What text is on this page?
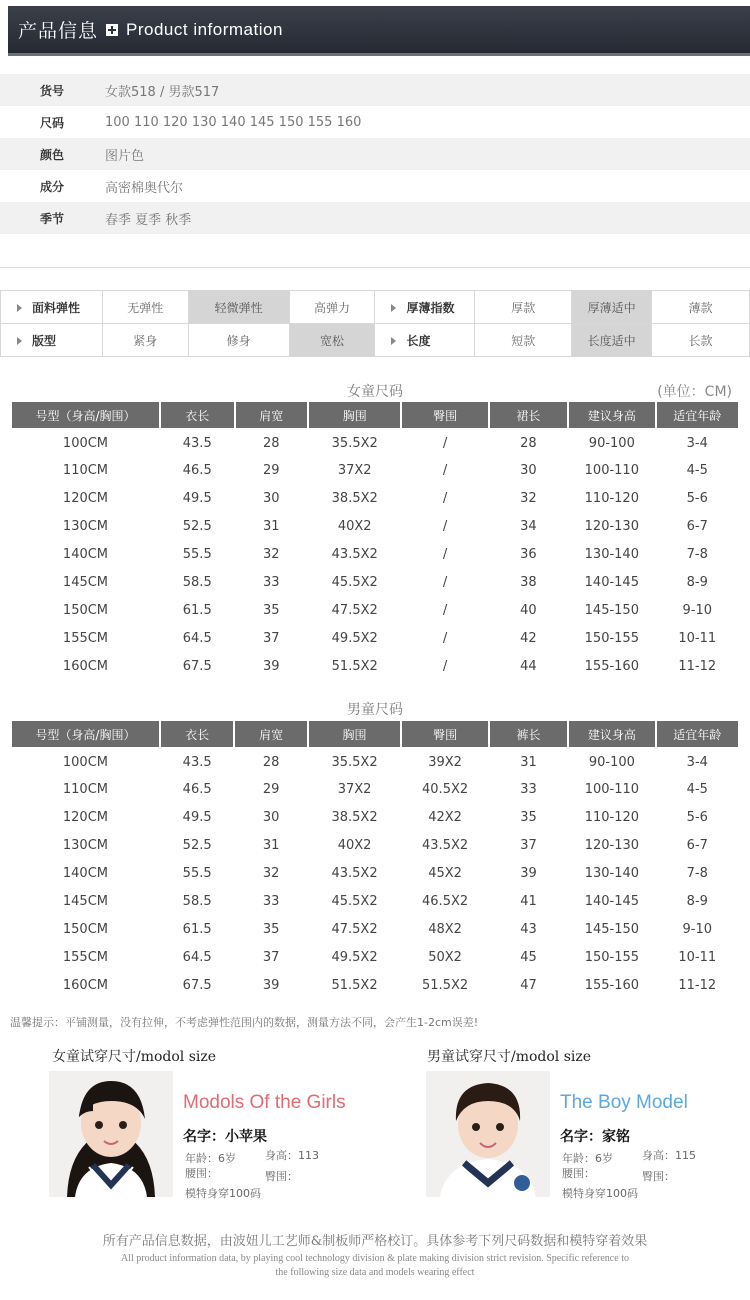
产品信息 Product information
货号	女款518 / 男款517
尺码	100 110 120 130 140 145 150 155 160
颜色	图片色
成分	高密棉奥代尔
季节	春季 夏季 秋季
面料弹性	无弹性	轻微弹性	高弹力	厚薄指数	厚款	厚薄适中	薄款
版型	紧身	修身	宽松	长度	短款	长度适中	长款
女童尺码	(单位：CM)
号型（身高/胸围）	衣长	肩宽	胸围	臀围	裙长	建议身高	适宜年龄
100CM	43.5	28	35.5X2	/	28	90-100	3-4
110CM	46.5	29	37X2	/	30	100-110	4-5
120CM	49.5	30	38.5X2	/	32	110-120	5-6
130CM	52.5	31	40X2	/	34	120-130	6-7
140CM	55.5	32	43.5X2	/	36	130-140	7-8
145CM	58.5	33	45.5X2	/	38	140-145	8-9
150CM	61.5	35	47.5X2	/	40	145-150	9-10
155CM	64.5	37	49.5X2	/	42	150-155	10-11
160CM	67.5	39	51.5X2	/	44	155-160	11-12
男童尺码
号型（身高/胸围）	衣长	肩宽	胸围	臀围	裤长	建议身高	适宜年龄
100CM	43.5	28	35.5X2	39X2	31	90-100	3-4
110CM	46.5	29	37X2	40.5X2	33	100-110	4-5
120CM	49.5	30	38.5X2	42X2	35	110-120	5-6
130CM	52.5	31	40X2	43.5X2	37	120-130	6-7
140CM	55.5	32	43.5X2	45X2	39	130-140	7-8
145CM	58.5	33	45.5X2	46.5X2	41	140-145	8-9
150CM	61.5	35	47.5X2	48X2	43	145-150	9-10
155CM	64.5	37	49.5X2	50X2	45	150-155	10-11
160CM	67.5	39	51.5X2	51.5X2	47	155-160	11-12
温馨提示：平铺测量，没有拉伸，不考虑弹性范围内的数据，测量方法不同，会产生1-2cm误差!
女童试穿尺寸/modol size
Modols Of the Girls
名字：小苹果
年龄：6岁	身高：113
腰围：	臀围：
模特身穿100码
男童试穿尺寸/modol size
The Boy Model
名字：家铭
年龄：6岁	身高：115
腰围：	臀围：
模特身穿100码
所有产品信息数据，由波妞儿工艺师&制板师严格校订。具体参考下列尺码数据和模特穿着效果
All product information data, by playing cool technology division & plate making division strict revision. Specific reference to the following size data and models wearing effect
